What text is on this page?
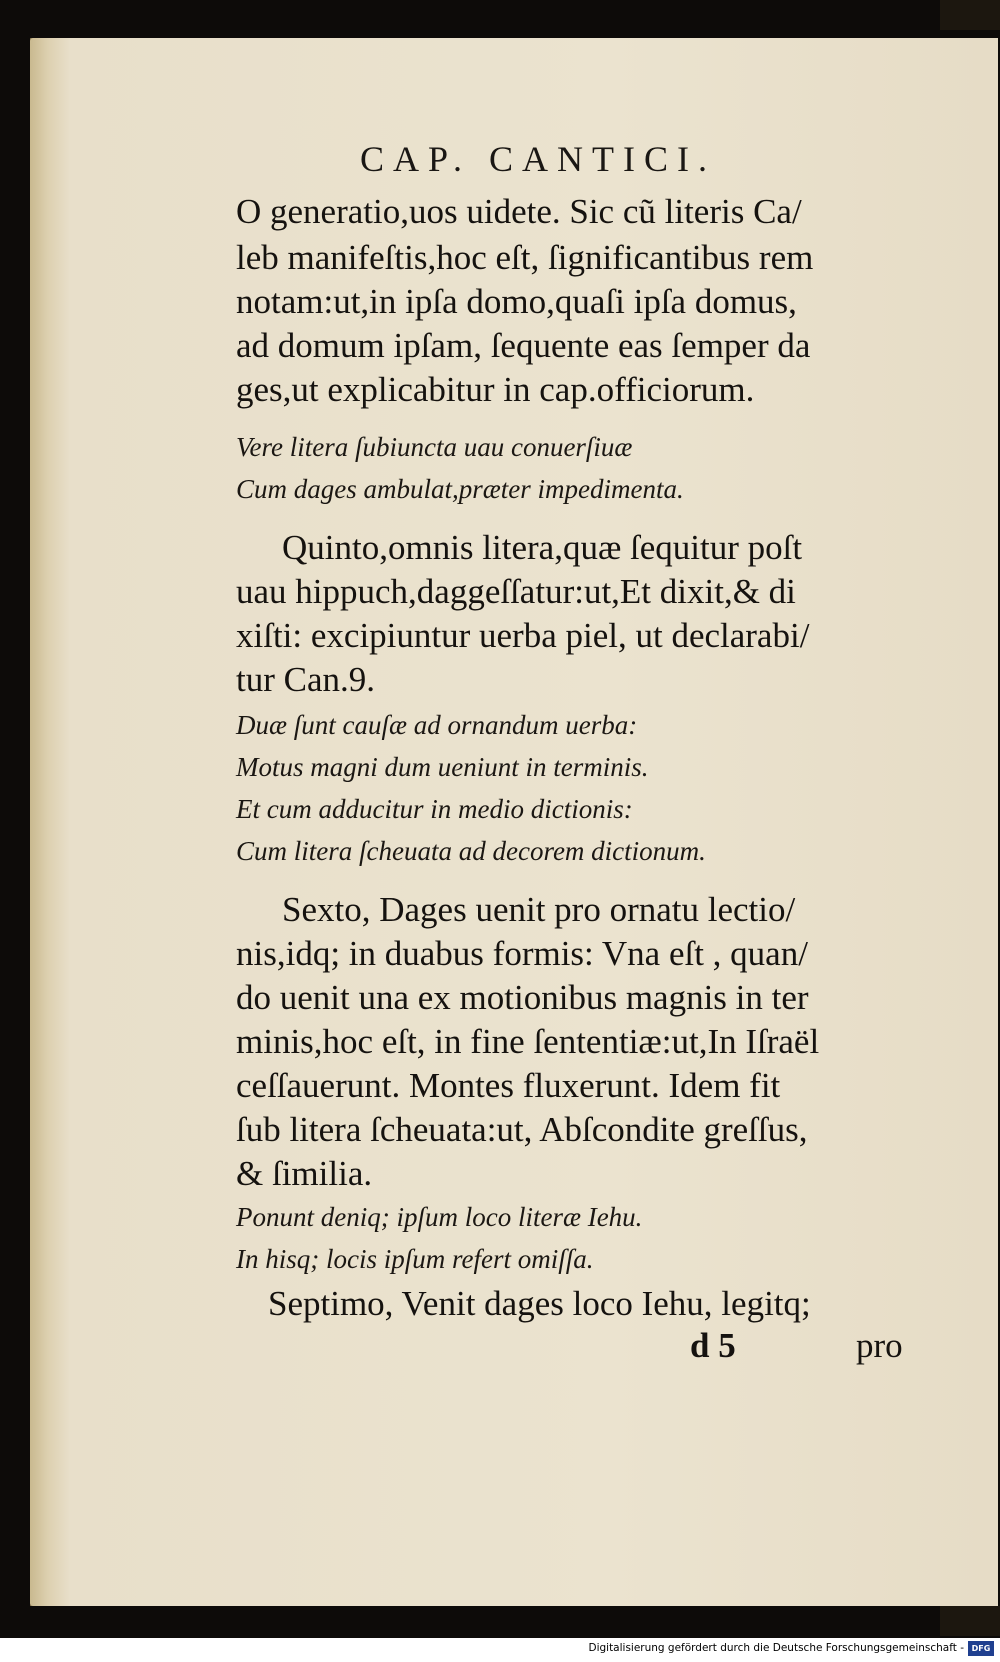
CAP. CANTICI.
O generatio,uos uidete. Sic cũ literis Ca/
leb manifeſtis,hoc eſt, ſignificantibus rem
notam:ut,in ipſa domo,quaſi ipſa domus,
ad domum ipſam, ſequente eas ſemper da
ges,ut explicabitur in cap.officiorum.
Vere litera ſubiuncta uau conuerſiuæ
Cum dages ambulat,præter impedimenta.
Quinto,omnis litera,quæ ſequitur poſt
uau hippuch,daggeſſatur:ut,Et dixit,& di
xiſti: excipiuntur uerba piel, ut declarabi/
tur Can.9.
Duæ ſunt cauſæ ad ornandum uerba:
Motus magni dum ueniunt in terminis.
Et cum adducitur in medio dictionis:
Cum litera ſcheuata ad decorem dictionum.
Sexto, Dages uenit pro ornatu lectio/
nis,idq; in duabus formis: Vna eſt , quan/
do uenit una ex motionibus magnis in ter
minis,hoc eſt, in fine ſententiæ:ut,In Iſraël
ceſſauerunt. Montes fluxerunt. Idem fit
ſub litera ſcheuata:ut, Abſcondite greſſus,
& ſimilia.
Ponunt deniq; ipſum loco literæ Iehu.
In hisq; locis ipſum refert omiſſa.
Septimo, Venit dages loco Iehu, legitq;
d 5	pro
Digitalisierung gefördert durch die Deutsche Forschungsgemeinschaft - DFG
